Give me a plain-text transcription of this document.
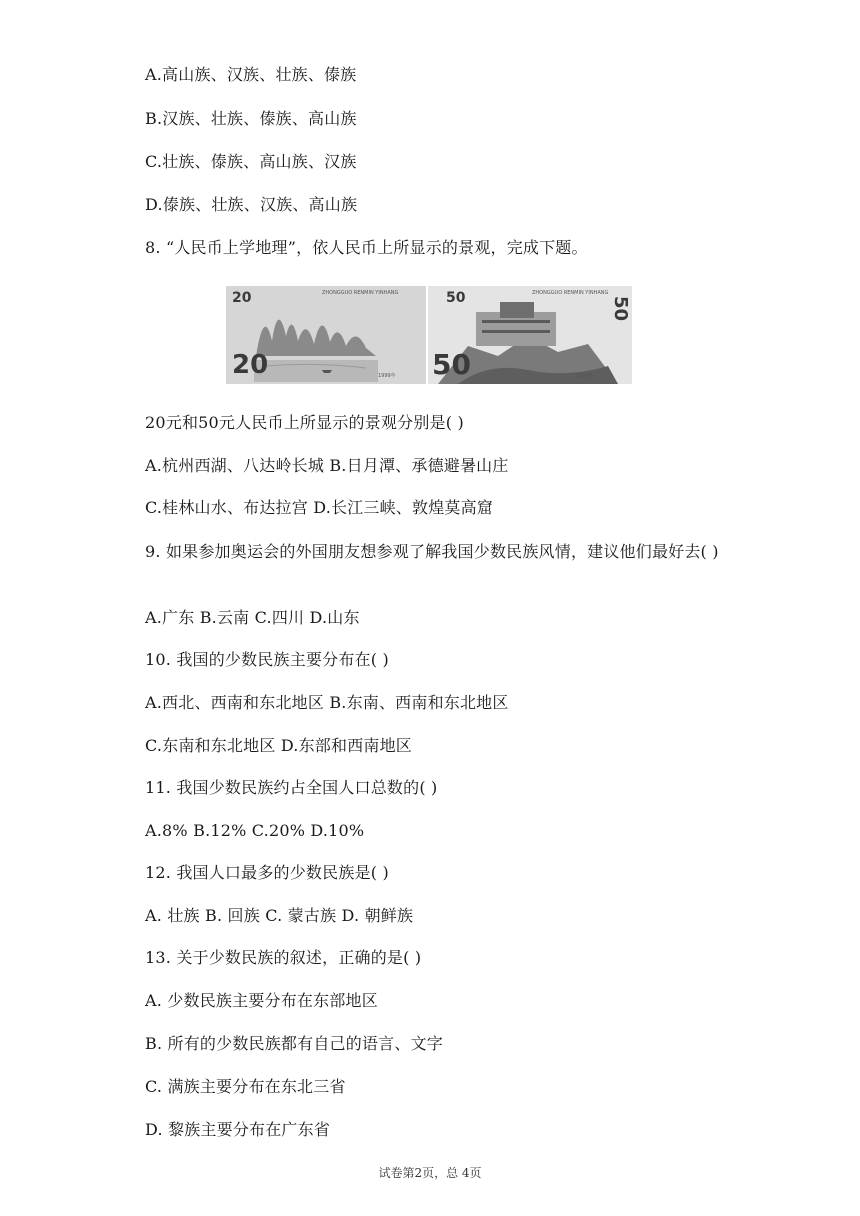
A.高山族、汉族、壮族、傣族
B.汉族、壮族、傣族、高山族
C.壮族、傣族、高山族、汉族
D.傣族、壮族、汉族、高山族
8. “人民币上学地理”，依人民币上所显示的景观，完成下题。
20
20
ZHONGGUO RENMIN YINHANG
1999年
50
50
ZHONGGUO RENMIN YINHANG
50
1999年
20元和50元人民币上所显示的景观分别是( )
A.杭州西湖、八达岭长城 B.日月潭、承德避暑山庄
C.桂林山水、布达拉宫 D.长江三峡、敦煌莫高窟
9. 如果参加奥运会的外国朋友想参观了解我国少数民族风情，建议他们最好去( )
A.广东 B.云南 C.四川 D.山东
10. 我国的少数民族主要分布在( )
A.西北、西南和东北地区 B.东南、西南和东北地区
C.东南和东北地区 D.东部和西南地区
11. 我国少数民族约占全国人口总数的( )
A.8% B.12% C.20% D.10%
12. 我国人口最多的少数民族是( )
A. 壮族 B. 回族 C. 蒙古族 D. 朝鲜族
13. 关于少数民族的叙述，正确的是( )
A. 少数民族主要分布在东部地区
B. 所有的少数民族都有自己的语言、文字
C. 满族主要分布在东北三省
D. 黎族主要分布在广东省
试卷第2页，总 4页
